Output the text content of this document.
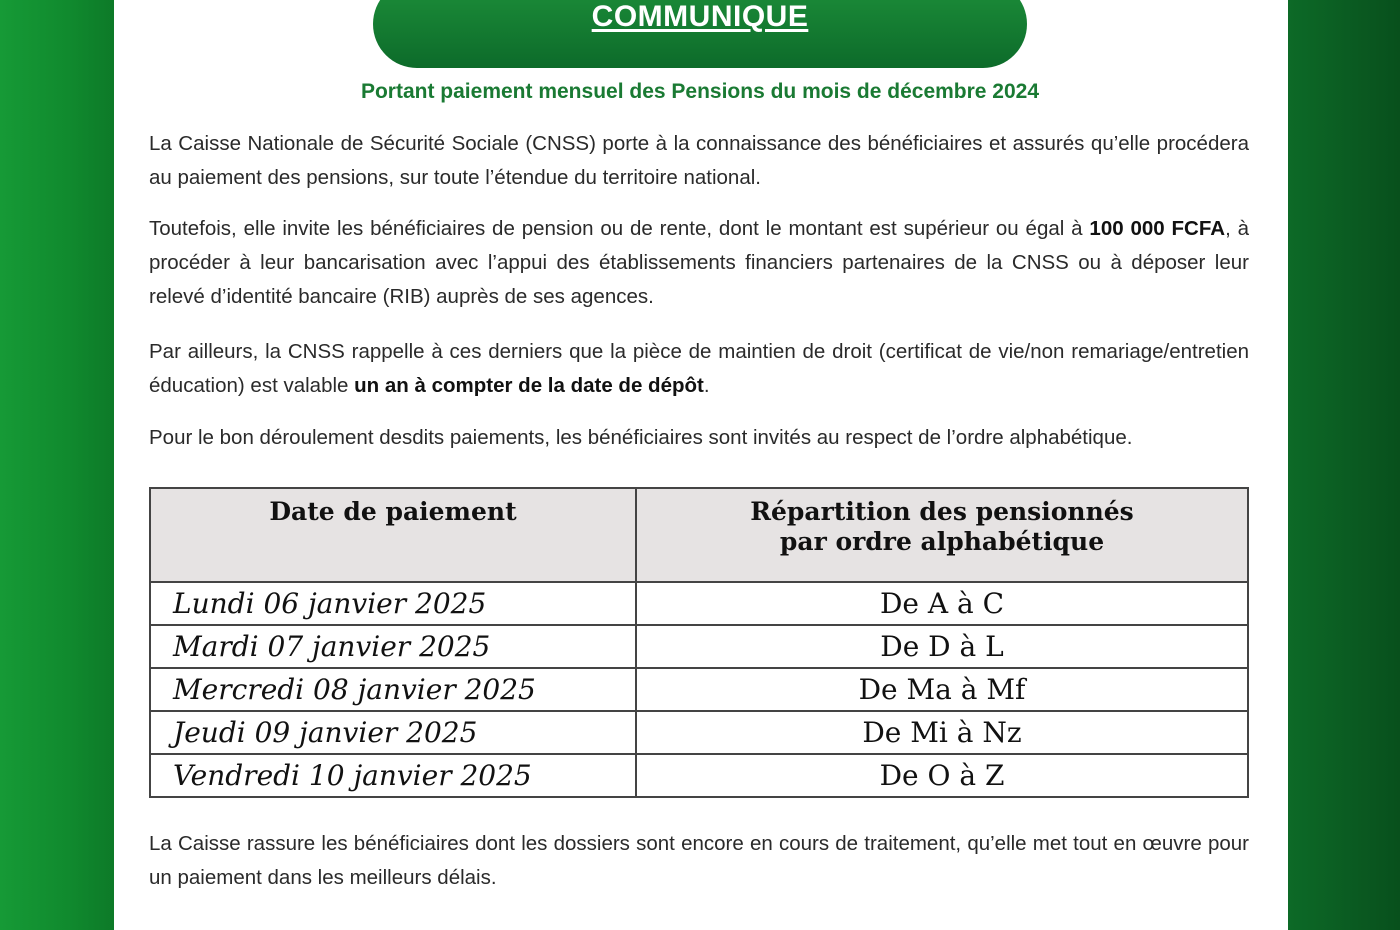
COMMUNIQUE
Portant paiement mensuel des Pensions du mois de décembre 2024

La Caisse Nationale de Sécurité Sociale (CNSS) porte à la connaissance des bénéficiaires et assurés qu’elle procédera au paiement des pensions, sur toute l’étendue du territoire national.

Toutefois, elle invite les bénéficiaires de pension ou de rente, dont le montant est supérieur ou égal à 100 000 FCFA, à procéder à leur bancarisation avec l’appui des établissements financiers partenaires de la CNSS ou à déposer leur relevé d’identité bancaire (RIB) auprès de ses agences.

Par ailleurs, la CNSS rappelle à ces derniers que la pièce de maintien de droit (certificat de vie/non remariage/entretien éducation) est valable un an à compter de la date de dépôt.

Pour le bon déroulement desdits paiements, les bénéficiaires sont invités au respect de l’ordre alphabétique.

Date de paiement	Répartition des pensionnés
par ordre alphabétique
Lundi 06 janvier 2025	De A à C
Mardi 07 janvier 2025	De D à L
Mercredi 08 janvier 2025	De Ma à Mf
Jeudi 09 janvier 2025	De Mi à Nz
Vendredi 10 janvier 2025	De O à Z

La Caisse rassure les bénéficiaires dont les dossiers sont encore en cours de traitement, qu’elle met tout en œuvre pour un paiement dans les meilleurs délais.
